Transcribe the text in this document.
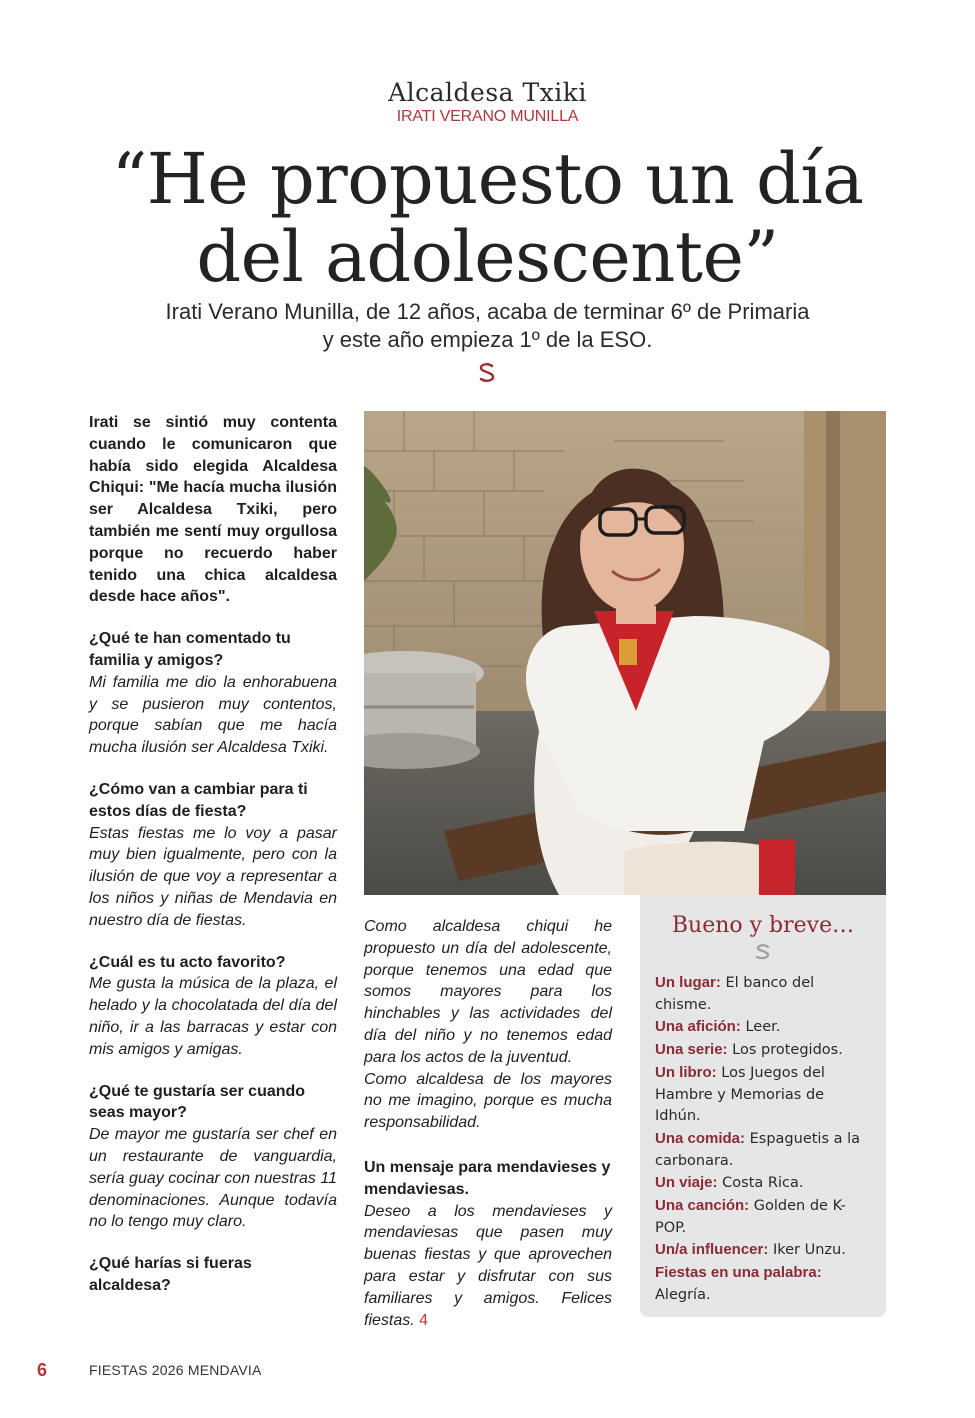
Alcaldesa Txiki
IRATI VERANO MUNILLA
“He propuesto un día
del adolescente”
Irati Verano Munilla, de 12 años, acaba de terminar 6º de Primaria
y este año empieza 1º de la ESO.

Irati se sintió muy contenta cuando le comunicaron que había sido elegida Alcaldesa Chiqui: "Me hacía mucha ilusión ser Alcaldesa Txiki, pero también me sentí muy orgullosa porque no recuerdo haber tenido una chica alcaldesa desde hace años".

¿Qué te han comentado tu familia y amigos?

Mi familia me dio la enhorabuena y se pusieron muy contentos, porque sabían que me hacía mucha ilusión ser Alcaldesa Txiki.

¿Cómo van a cambiar para ti estos días de fiesta?

Estas fiestas me lo voy a pasar muy bien igualmente, pero con la ilusión de que voy a representar a los niños y niñas de Mendavia en nuestro día de fiestas.

¿Cuál es tu acto favorito?

Me gusta la música de la plaza, el helado y la chocolatada del día del niño, ir a las barracas y estar con mis amigos y amigas.

¿Qué te gustaría ser cuando seas mayor?

De mayor me gustaría ser chef en un restaurante de vanguardia, sería guay cocinar con nuestras 11 denominaciones. Aunque todavía no lo tengo muy claro.

¿Qué harías si fueras alcaldesa?

Como alcaldesa chiqui he propuesto un día del adolescente, porque tenemos una edad que somos mayores para los hinchables y las actividades del día del niño y no tenemos edad para los actos de la juventud.

Como alcaldesa de los mayores no me imagino, porque es mucha responsabilidad.

Un mensaje para mendavieses y mendaviesas.

Deseo a los mendavieses y mendaviesas que pasen muy buenas fiestas y que aprovechen para estar y disfrutar con sus familiares y amigos. Felices fiestas. 4

Bueno y breve…

Un lugar: El banco del chisme.

Una afición: Leer.

Una serie: Los protegidos.

Un libro: Los Juegos del Hambre y Memorias de Idhún.

Una comida: Espaguetis a la carbonara.

Un viaje: Costa Rica.

Una canción: Golden de K-POP.

Un/a influencer: Iker Unzu.

Fiestas en una palabra: Alegría.

6	FIESTAS 2026 MENDAVIA
